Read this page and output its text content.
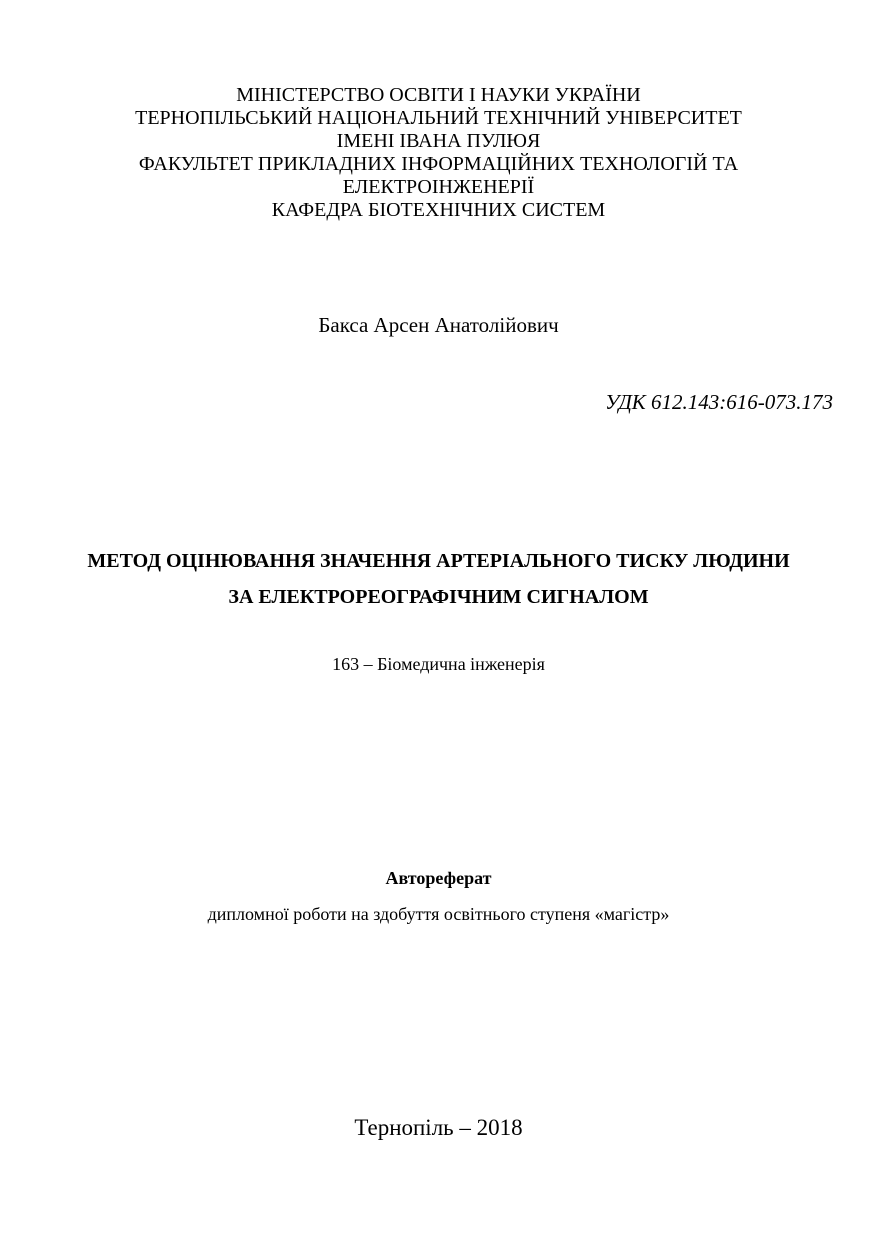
МІНІСТЕРСТВО ОСВІТИ І НАУКИ УКРАЇНИ
ТЕРНОПІЛЬСЬКИЙ НАЦІОНАЛЬНИЙ ТЕХНІЧНИЙ УНІВЕРСИТЕТ
ІМЕНІ ІВАНА ПУЛЮЯ
ФАКУЛЬТЕТ ПРИКЛАДНИХ ІНФОРМАЦІЙНИХ ТЕХНОЛОГІЙ ТА
ЕЛЕКТРОІНЖЕНЕРІЇ
КАФЕДРА БІОТЕХНІЧНИХ СИСТЕМ
Бакса Арсен Анатолійович
УДК 612.143:616-073.173
МЕТОД ОЦІНЮВАННЯ ЗНАЧЕННЯ АРТЕРІАЛЬНОГО ТИСКУ ЛЮДИНИ
ЗА ЕЛЕКТРОРЕОГРАФІЧНИМ СИГНАЛОМ
163 – Біомедична інженерія
Автореферат
дипломної роботи на здобуття освітнього ступеня «магістр»
Тернопіль – 2018
